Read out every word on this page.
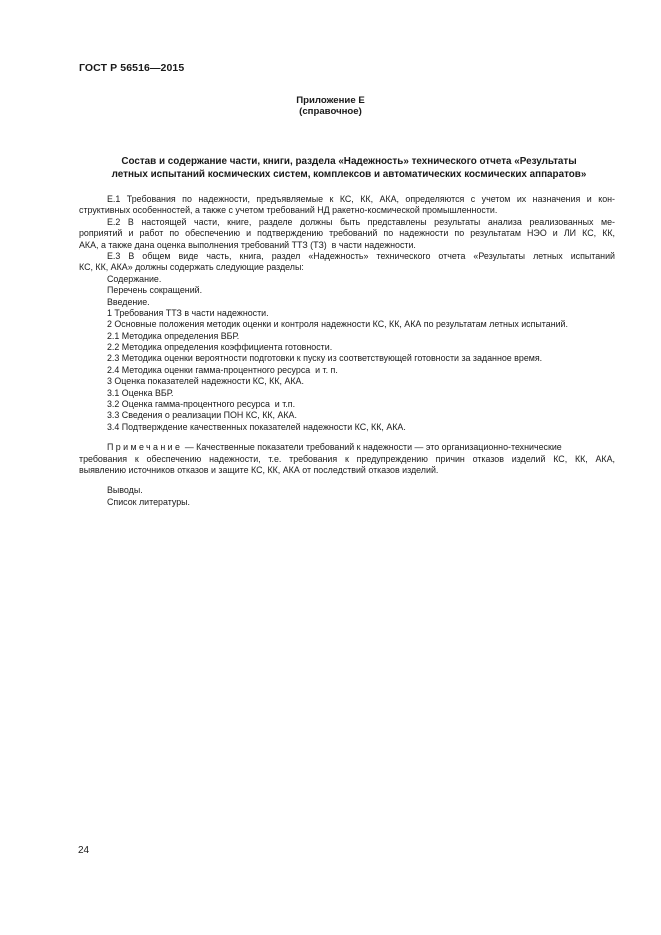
ГОСТ Р 56516—2015
Приложение Е
(справочное)
Состав и содержание части, книги, раздела «Надежность» технического отчета «Результаты
летных испытаний космических систем, комплексов и автоматических космических аппаратов»
Е.1 Требования по надежности, предъявляемые к КС, КК, АКА, определяются с учетом их назначения и кон-
структивных особенностей, а также с учетом требований НД ракетно-космической промышленности.
Е.2 В настоящей части, книге, разделе должны быть представлены результаты анализа реализованных ме-
роприятий и работ по обеспечению и подтверждению требований по надежности по результатам НЭО и ЛИ КС, КК,
АКА, а также дана оценка выполнения требований ТТЗ (ТЗ)  в части надежности.
Е.3 В общем виде часть, книга, раздел «Надежность» технического отчета «Результаты летных испытаний
КС, КК, АКА» должны содержать следующие разделы:
Содержание.
Перечень сокращений.
Введение.
1 Требования ТТЗ в части надежности.
2 Основные положения методик оценки и контроля надежности КС, КК, АКА по результатам летных испытаний.
2.1 Методика определения ВБР.
2.2 Методика определения коэффициента готовности.
2.3 Методика оценки вероятности подготовки к пуску из соответствующей готовности за заданное время.
2.4 Методика оценки гамма-процентного ресурса  и т. п.
3 Оценка показателей надежности КС, КК, АКА.
3.1 Оценка ВБР.
3.2 Оценка гамма-процентного ресурса  и т.п.
3.3 Сведения о реализации ПОН КС, КК, АКА.
3.4 Подтверждение качественных показателей надежности КС, КК, АКА.
Примечание — Качественные показатели требований к надежности — это организационно-технические
требования к обеспечению надежности, т.е. требования к предупреждению причин отказов изделий КС, КК, АКА,
выявлению источников отказов и защите КС, КК, АКА от последствий отказов изделий.
Выводы.
Список литературы.
24
